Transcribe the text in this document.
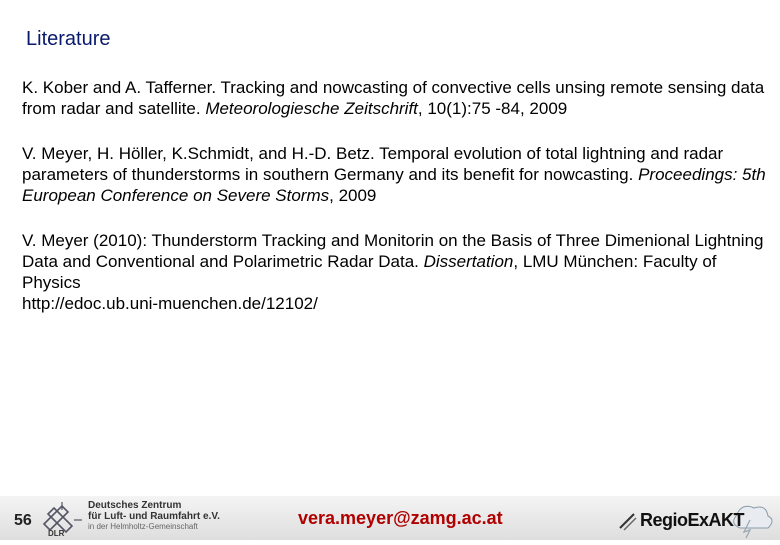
Literature

K. Kober and A. Tafferner. Tracking and nowcasting of convective cells unsing remote sensing data from radar and satellite. Meteorologiesche Zeitschrift, 10(1):75 -84, 2009

V. Meyer, H. Höller, K.Schmidt, and H.-D. Betz. Temporal evolution of total lightning and radar parameters of thunderstorms in southern Germany and its benefit for nowcasting. Proceedings: 5th European Conference on Severe Storms, 2009

V. Meyer (2010): Thunderstorm Tracking and Monitorin on the Basis of Three Dimenional Lightning Data and Conventional and Polarimetric Radar Data. Dissertation, LMU München: Faculty of Physics
http://edoc.ub.uni-muenchen.de/12102/

56
DLR
Deutsches Zentrum
für Luft- und Raumfahrt e.V.
in der Helmholtz-Gemeinschaft	vera.meyer@zamg.ac.at	RegioExAKT
